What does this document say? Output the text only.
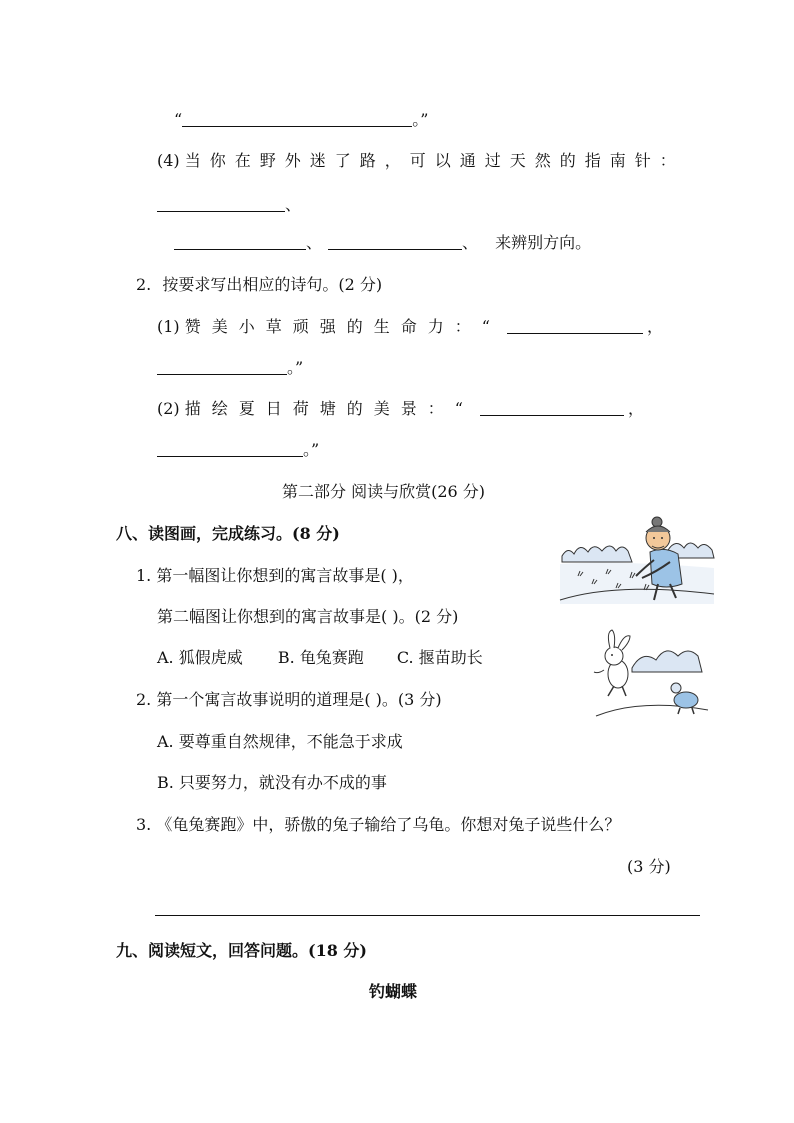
“	。”
(4) 当你在野外迷了路，可以通过天然的指南针：
、
、	、 来辨别方向。
2. 按要求写出相应的诗句。(2 分)
(1) 赞美小草顽强的生命力：“	，
。”
(2) 描绘夏日荷塘的美景：“	，
。”
第二部分 阅读与欣赏(26 分)
八、读图画，完成练习。(8 分)
1. 第一幅图让你想到的寓言故事是( )，
第二幅图让你想到的寓言故事是( )。(2 分)
A. 狐假虎威 B. 龟兔赛跑 C. 揠苗助长
2. 第一个寓言故事说明的道理是( )。(3 分)
A. 要尊重自然规律，不能急于求成
B. 只要努力，就没有办不成的事
3. 《龟兔赛跑》中，骄傲的兔子输给了乌龟。你想对兔子说些什么？
(3 分)
九、阅读短文，回答问题。(18 分)
钓蝴蝶
